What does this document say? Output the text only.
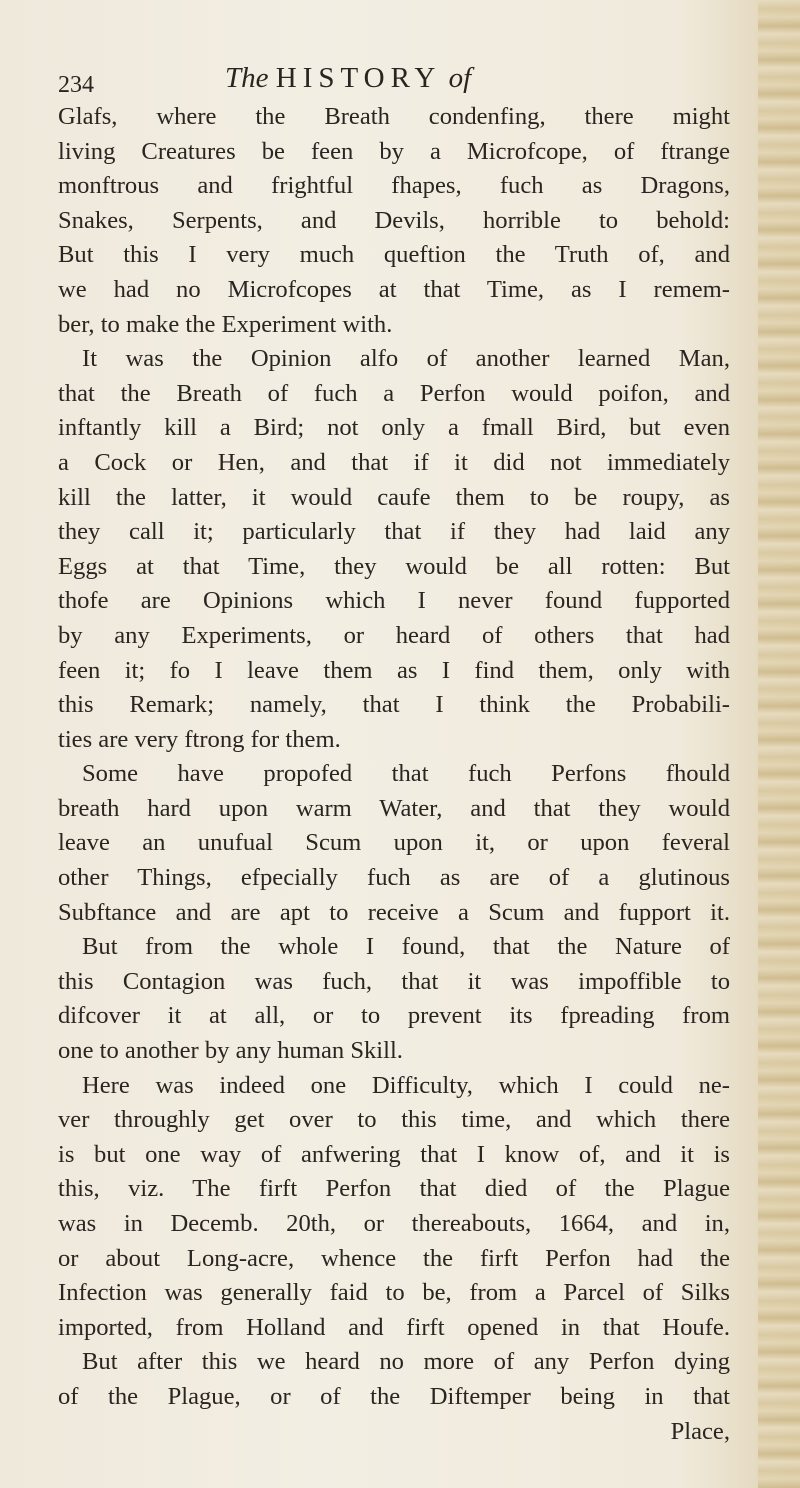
234	The HISTORY of
Glafs, where the Breath condenfing, there might
living Creatures be feen by a Microfcope, of ftrange
monftrous and frightful fhapes, fuch as Dragons,
Snakes, Serpents, and Devils, horrible to behold:
But this I very much queftion the Truth of, and
we had no Microfcopes at that Time, as I remem-
ber, to make the Experiment with.
It was the Opinion alfo of another learned Man,
that the Breath of fuch a Perfon would poifon, and
inftantly kill a Bird; not only a fmall Bird, but even
a Cock or Hen, and that if it did not immediately
kill the latter, it would caufe them to be roupy, as
they call it; particularly that if they had laid any
Eggs at that Time, they would be all rotten: But
thofe are Opinions which I never found fupported
by any Experiments, or heard of others that had
feen it; fo I leave them as I find them, only with
this Remark; namely, that I think the Probabili-
ties are very ftrong for them.
Some have propofed that fuch Perfons fhould
breath hard upon warm Water, and that they would
leave an unufual Scum upon it, or upon feveral
other Things, efpecially fuch as are of a glutinous
Subftance and are apt to receive a Scum and fupport it.
But from the whole I found, that the Nature of
this Contagion was fuch, that it was impoffible to
difcover it at all, or to prevent its fpreading from
one to another by any human Skill.
Here was indeed one Difficulty, which I could ne-
ver throughly get over to this time, and which there
is but one way of anfwering that I know of, and it is
this, viz. The firft Perfon that died of the Plague
was in Decemb. 20th, or thereabouts, 1664, and in,
or about Long-acre, whence the firft Perfon had the
Infection was generally faid to be, from a Parcel of Silks
imported, from Holland and firft opened in that Houfe.
But after this we heard no more of any Perfon dying
of the Plague, or of the Diftemper being in that
Place,
